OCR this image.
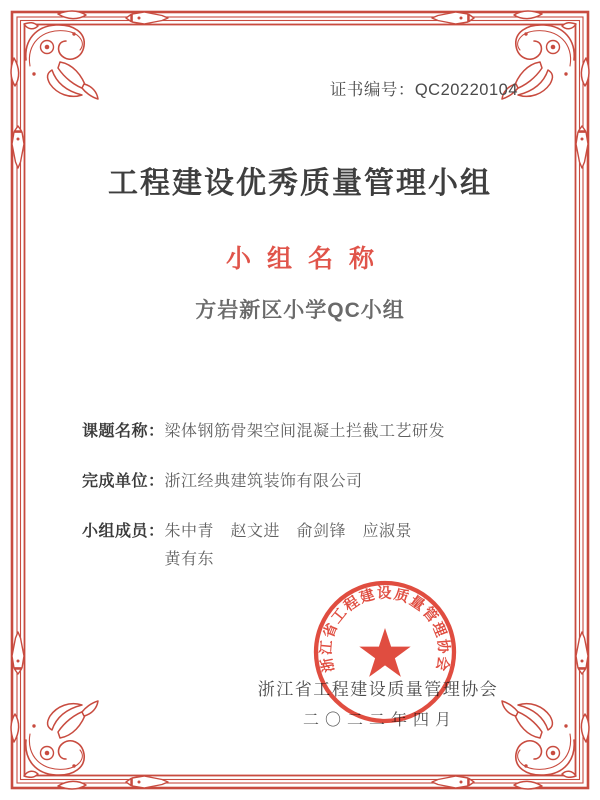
证书编号：QC20220104
工程建设优秀质量管理小组
小组名称
方岩新区小学QC小组
课题名称： 梁体钢筋骨架空间混凝土拦截工艺研发
完成单位： 浙江经典建筑装饰有限公司
小组成员： 朱中青　赵文进　俞剑锋　应淑景
黄有东
浙江省工程建设质量管理协会
二〇二二年四月
浙江省工程建设质量管理协会
